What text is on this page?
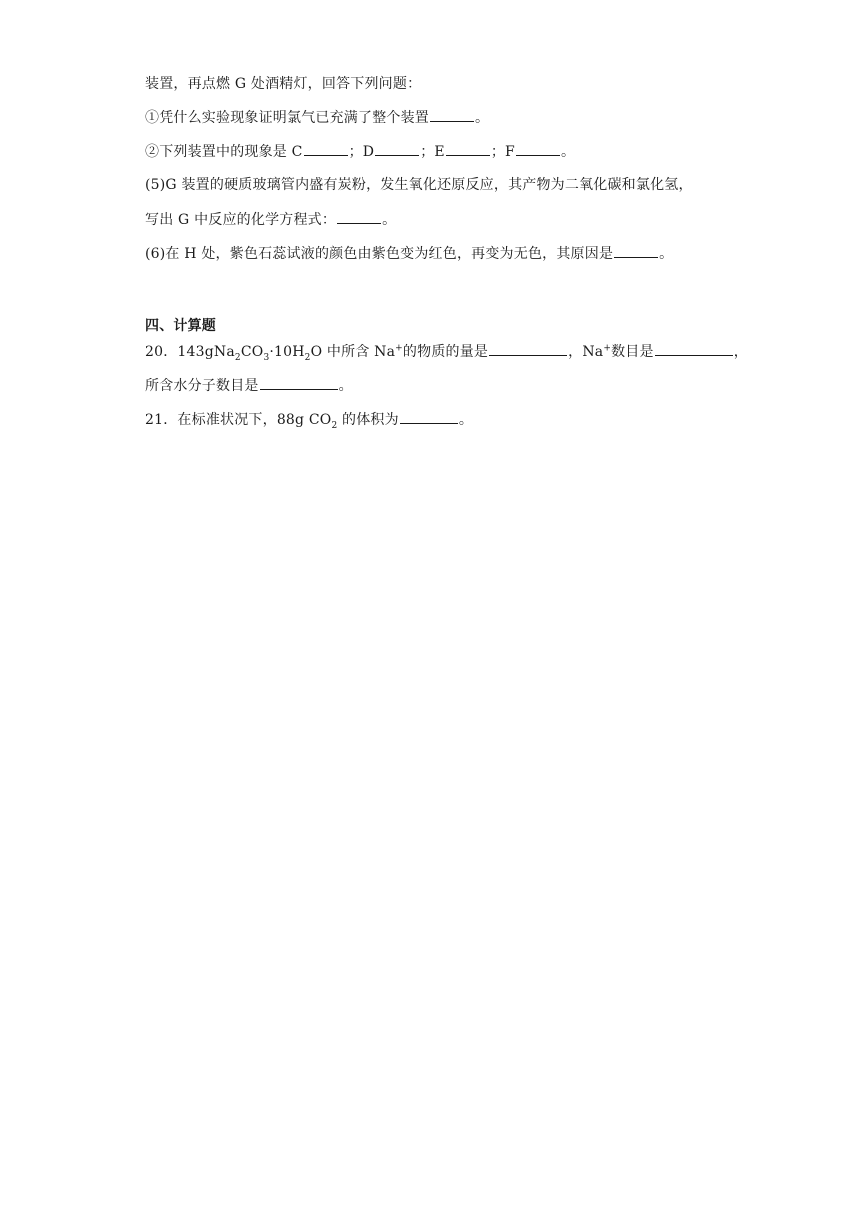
装置，再点燃 G 处酒精灯，回答下列问题：
①凭什么实验现象证明氯气已充满了整个装置	。
②下列装置中的现象是 C	；D	；E	；F	。
(5)G 装置的硬质玻璃管内盛有炭粉，发生氧化还原反应，其产物为二氧化碳和氯化氢，
写出 G 中反应的化学方程式：	。
(6)在 H 处，紫色石蕊试液的颜色由紫色变为红色，再变为无色，其原因是	。
四、计算题
20．$143gNa_2CO_3\cdot 10H_2O$ 中所含 Na+的物质的量是	，Na+数目是	，
所含水分子数目是	。
21．在标准状况下，88g $CO_2$ 的体积为	。
